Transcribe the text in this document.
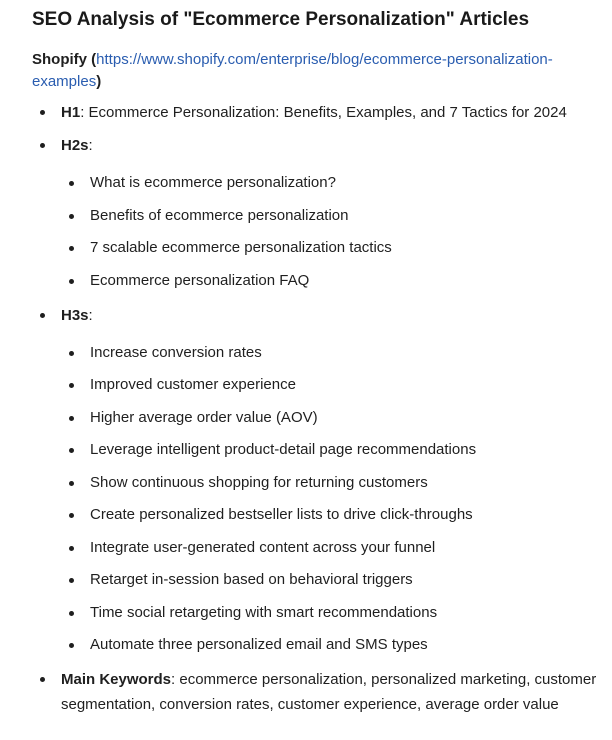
SEO Analysis of "Ecommerce Personalization" Articles
Shopify (https://www.shopify.com/enterprise/blog/ecommerce-personalization-
examples)
H1: Ecommerce Personalization: Benefits, Examples, and 7 Tactics for 2024
H2s:
What is ecommerce personalization?
Benefits of ecommerce personalization
7 scalable ecommerce personalization tactics
Ecommerce personalization FAQ
H3s:
Increase conversion rates
Improved customer experience
Higher average order value (AOV)
Leverage intelligent product-detail page recommendations
Show continuous shopping for returning customers
Create personalized bestseller lists to drive click-throughs
Integrate user-generated content across your funnel
Retarget in-session based on behavioral triggers
Time social retargeting with smart recommendations
Automate three personalized email and SMS types
Main Keywords: ecommerce personalization, personalized marketing, customer segmentation, conversion rates, customer experience, average order value
